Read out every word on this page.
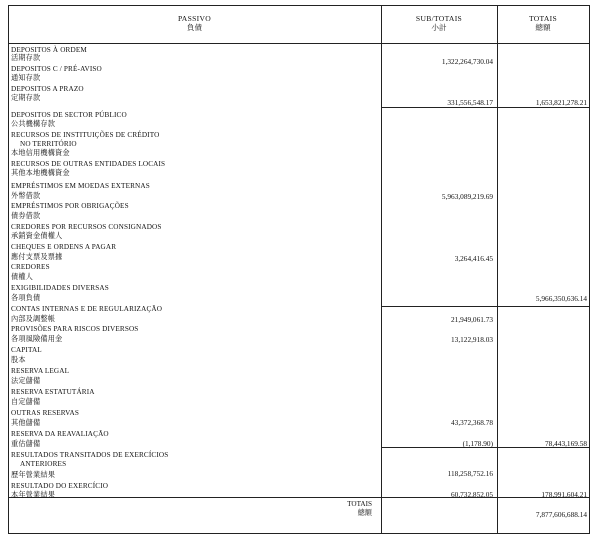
PASSIVO
負債
SUB/TOTAIS
小計
TOTAIS
總額
DEPOSITOS À ORDEM
活期存款
DEPOSITOS C / PRÉ-AVISO
通知存款
DEPOSITOS A PRAZO
定期存款
DEPOSITOS DE SECTOR PÚBLICO
公共機構存款
RECURSOS DE INSTITUIÇÕES DE CRÉDITO
NO TERRITÓRIO
本地信用機構資金
RECURSOS DE OUTRAS ENTIDADES LOCAIS
其他本地機構資金
EMPRÉSTIMOS EM MOEDAS EXTERNAS
外幣借款
EMPRÉSTIMOS POR OBRIGAÇÕES
債券借款
CREDORES POR RECURSOS CONSIGNADOS
承銷資金債權人
CHEQUES E ORDENS A PAGAR
應付支票及票據
CREDORES
債權人
EXIGIBILIDADES DIVERSAS
各項負債
CONTAS INTERNAS E DE REGULARIZAÇÃO
內部及調整帳
PROVISÕES PARA RISCOS DIVERSOS
各項風險備用金
CAPITAL
股本
RESERVA LEGAL
法定儲備
RESERVA ESTATUTÁRIA
自定儲備
OUTRAS RESERVAS
其他儲備
RESERVA DA REAVALIAÇÃO
重估儲備
RESULTADOS TRANSITADOS DE EXERCÍCIOS
ANTERIORES
歷年營業結果
RESULTADO DO EXERCÍCIO
本年營業結果
1,322,264,730.04
331,556,548.17
5,963,089,219.69
3,264,416.45
21,949,061.73
13,122,918.03
43,372,368.78
(1,178.90)
118,258,752.16
60,732,852.05
1,653,821,278.21
5,966,350,636.14
78,443,169.58
178,991,604.21
7,877,606,688.14
TOTAIS
總額
